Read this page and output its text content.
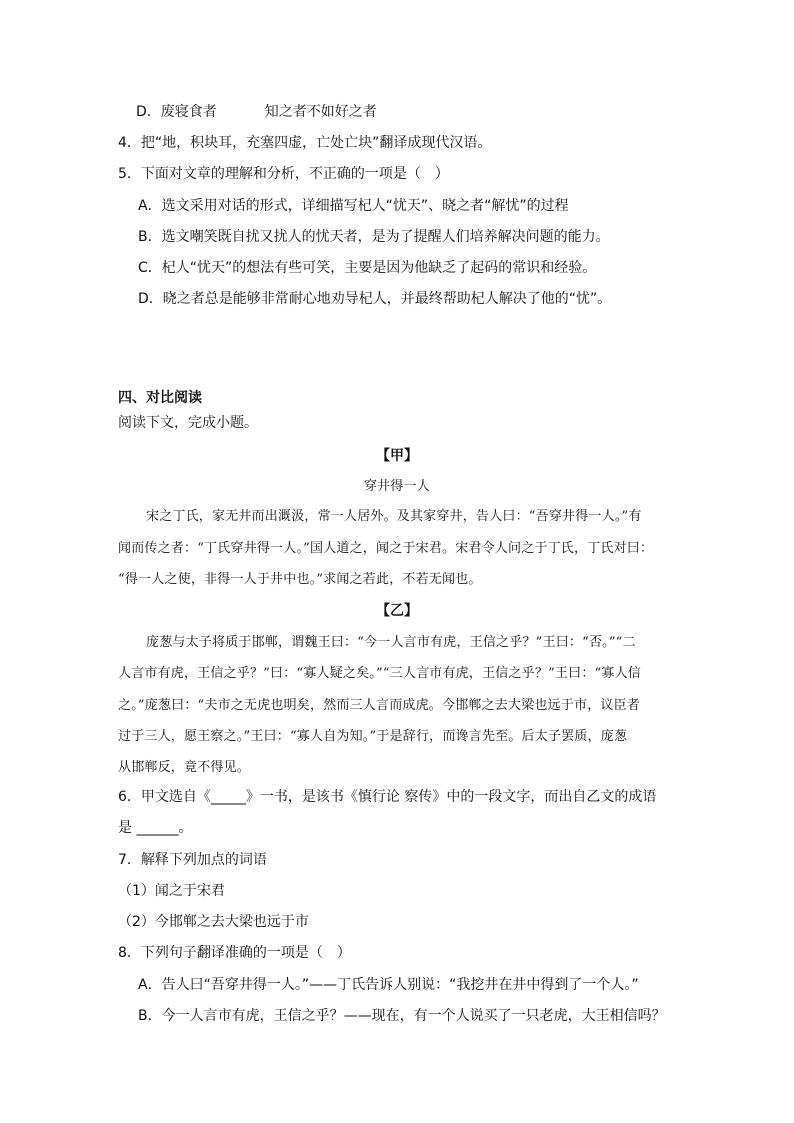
D．废寝食者	知之者不如好之者
4．把“地，积块耳，充塞四虚，亡处亡块”翻译成现代汉语。
5．下面对文章的理解和分析，不正确的一项是（　）
A．选文采用对话的形式，详细描写杞人“忧天”、晓之者“解忧”的过程
B．选文嘲笑既自扰又扰人的忧天者，是为了提醒人们培养解决问题的能力。
C．杞人“忧天”的想法有些可笑，主要是因为他缺乏了起码的常识和经验。
D．晓之者总是能够非常耐心地劝导杞人，并最终帮助杞人解决了他的“忧”。
四、对比阅读
阅读下文，完成小题。
【甲】
穿井得一人
宋之丁氏，家无井而出溉汲，常一人居外。及其家穿井，告人曰：“吾穿井得一人。”有
闻而传之者：“丁氏穿井得一人。”国人道之，闻之于宋君。宋君令人问之于丁氏，丁氏对曰：
“得一人之使，非得一人于井中也。”求闻之若此，不若无闻也。
【乙】
庞葱与太子将质于邯郸，谓魏王曰：“今一人言市有虎，王信之乎？”王曰：“否。”“二
人言市有虎，王信之乎？”曰：“寡人疑之矣。”“三人言市有虎，王信之乎？”王曰：“寡人信
之。”庞葱曰：“夫市之无虎也明矣，然而三人言而成虎。今邯郸之去大梁也远于市，议臣者
过于三人，愿王察之。”王曰：“寡人自为知。”于是辞行，而谗言先至。后太子罢质，庞葱
从邯郸反，竟不得见。
6．甲文选自《_____》一书，是该书《慎行论 察传》中的一段文字，而出自乙文的成语
是 ______。
7．解释下列加点的词语
（1）闻之于宋君
（2）今邯郸之去大梁也远于市
8．下列句子翻译准确的一项是（　）
A．告人曰“吾穿井得一人。”——丁氏告诉人别说：“我挖井在井中得到了一个人。”
B．今一人言市有虎，王信之乎？——现在，有一个人说买了一只老虎，大王相信吗？
